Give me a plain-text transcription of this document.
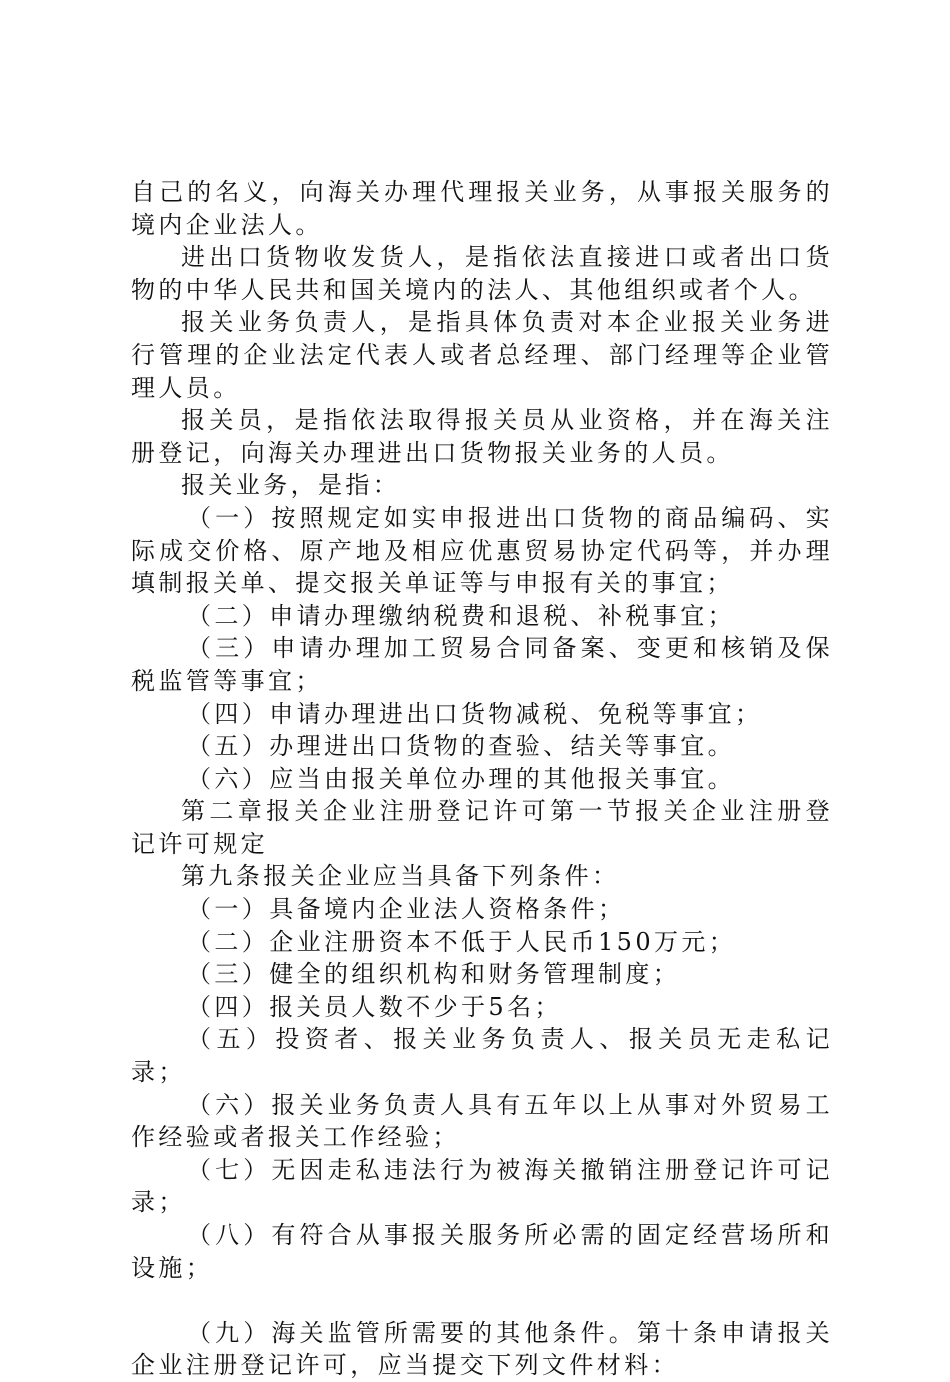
自己的名义，向海关办理代理报关业务，从事报关服务的境内企业法人。

进出口货物收发货人，是指依法直接进口或者出口货物的中华人民共和国关境内的法人、其他组织或者个人。

报关业务负责人，是指具体负责对本企业报关业务进行管理的企业法定代表人或者总经理、部门经理等企业管理人员。

报关员，是指依法取得报关员从业资格，并在海关注册登记，向海关办理进出口货物报关业务的人员。

报关业务，是指：

（一）按照规定如实申报进出口货物的商品编码、实际成交价格、原产地及相应优惠贸易协定代码等，并办理填制报关单、提交报关单证等与申报有关的事宜；

（二）申请办理缴纳税费和退税、补税事宜；

（三）申请办理加工贸易合同备案、变更和核销及保税监管等事宜；

（四）申请办理进出口货物减税、免税等事宜；

（五）办理进出口货物的查验、结关等事宜。

（六）应当由报关单位办理的其他报关事宜。

第二章报关企业注册登记许可第一节报关企业注册登记许可规定

第九条报关企业应当具备下列条件：

（一）具备境内企业法人资格条件；

（二）企业注册资本不低于人民币150万元；

（三）健全的组织机构和财务管理制度；

（四）报关员人数不少于5名；

（五）投资者、报关业务负责人、报关员无走私记录；

（六）报关业务负责人具有五年以上从事对外贸易工作经验或者报关工作经验；

（七）无因走私违法行为被海关撤销注册登记许可记录；

（八）有符合从事报关服务所必需的固定经营场所和设施；

（九）海关监管所需要的其他条件。第十条申请报关企业注册登记许可，应当提交下列文件材料：
